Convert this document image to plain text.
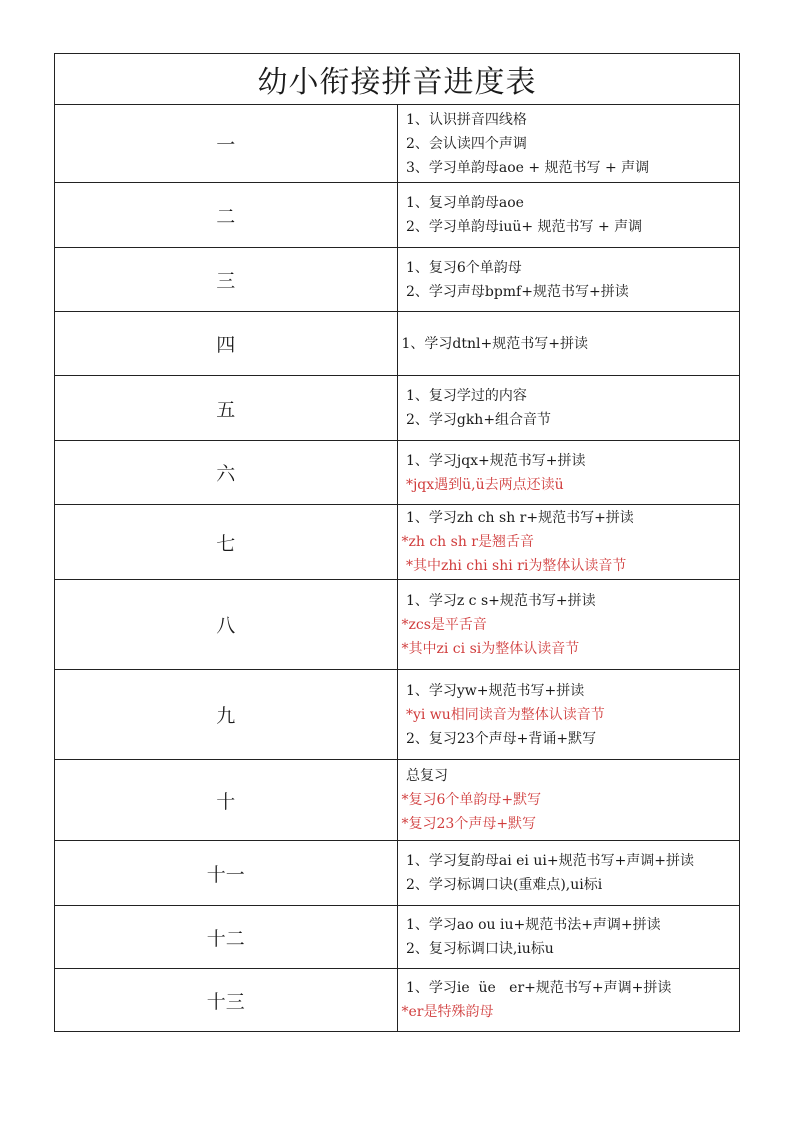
幼小衔接拼音进度表	
一	1、认识拼音四线格
2、会认读四个声调
3、学习单韵母aoe + 规范书写 + 声调

二	1、复习单韵母aoe
2、学习单韵母iuü+ 规范书写 + 声调

三	1、复习6个单韵母
2、学习声母bpmf+规范书写+拼读

四	1、学习dtnl+规范书写+拼读

五	1、复习学过的内容
2、学习gkh+组合音节

六	1、学习jqx+规范书写+拼读
*jqx遇到ü,ü去两点还读ü

七	1、学习zh ch sh r+规范书写+拼读
*zh ch sh r是翘舌音
*其中zhi chi shi ri为整体认读音节

八	1、学习z c s+规范书写+拼读
*zcs是平舌音
*其中zi ci si为整体认读音节

九	1、学习yw+规范书写+拼读
*yi wu相同读音为整体认读音节
2、复习23个声母+背诵+默写

十	总复习
*复习6个单韵母+默写
*复习23个声母+默写

十一	1、学习复韵母ai ei ui+规范书写+声调+拼读
2、学习标调口诀(重难点),ui标i

十二	1、学习ao ou iu+规范书法+声调+拼读
2、复习标调口诀,iu标u

十三	1、学习ie  üe   er+规范书写+声调+拼读
*er是特殊韵母
